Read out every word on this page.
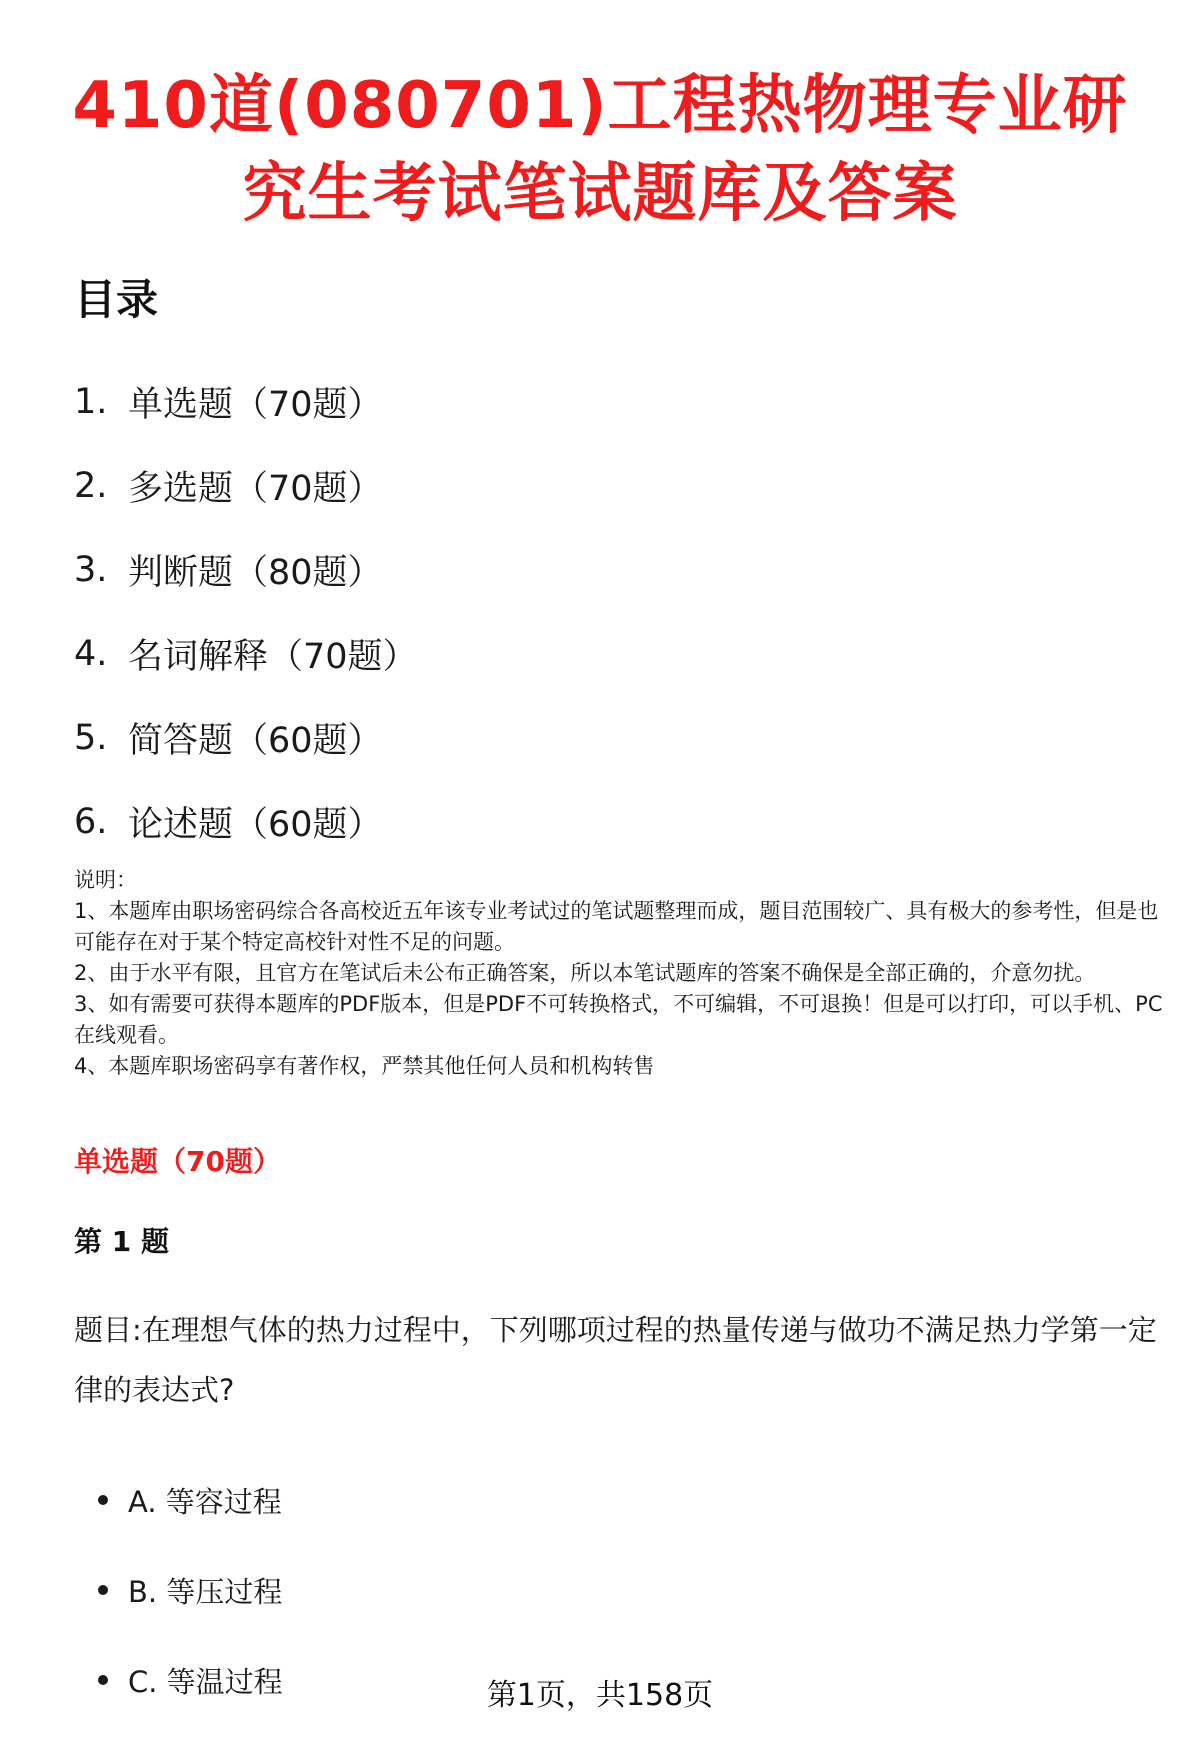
410道(080701)工程热物理专业研
究生考试笔试题库及答案
目录
1. 单选题（70题）
2. 多选题（70题）
3. 判断题（80题）
4. 名词解释（70题）
5. 简答题（60题）
6. 论述题（60题）

说明：

1、本题库由职场密码综合各高校近五年该专业考试过的笔试题整理而成，题目范围较广、具有极大的参考性，但是也可能存在对于某个特定高校针对性不足的问题。

2、由于水平有限，且官方在笔试后未公布正确答案，所以本笔试题库的答案不确保是全部正确的，介意勿扰。

3、如有需要可获得本题库的PDF版本，但是PDF不可转换格式，不可编辑，不可退换！但是可以打印，可以手机、PC在线观看。

4、本题库职场密码享有著作权，严禁其他任何人员和机构转售

单选题（70题）
第 1 题

题目:在理想气体的热力过程中，下列哪项过程的热量传递与做功不满足热力学第一定律的表达式?

A. 等容过程
B. 等压过程
C. 等温过程	第1页，共158页
